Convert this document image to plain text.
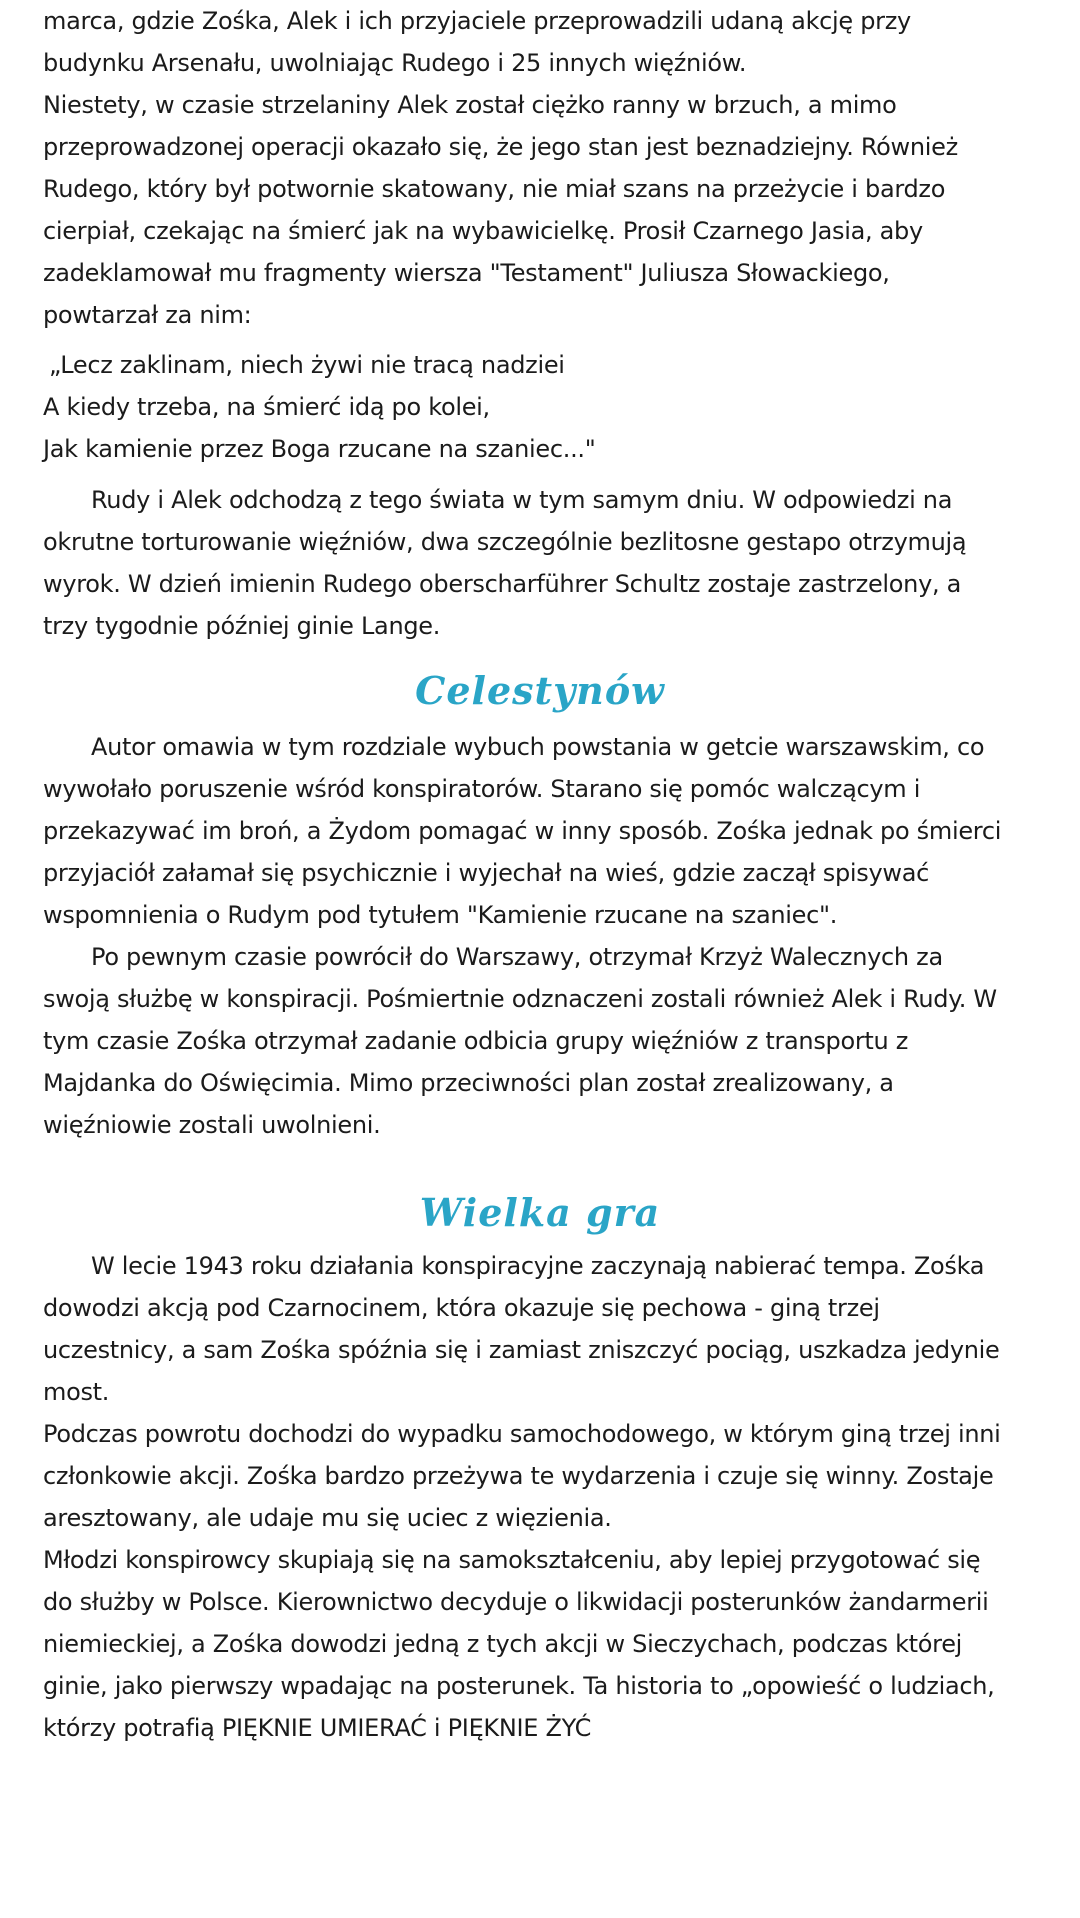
marca, gdzie Zośka, Alek i ich przyjaciele przeprowadzili udaną akcję przy
budynku Arsenału, uwolniając Rudego i 25 innych więźniów.
Niestety, w czasie strzelaniny Alek został ciężko ranny w brzuch, a mimo
przeprowadzonej operacji okazało się, że jego stan jest beznadziejny. Również
Rudego, który był potwornie skatowany, nie miał szans na przeżycie i bardzo
cierpiał, czekając na śmierć jak na wybawicielkę. Prosił Czarnego Jasia, aby
zadeklamował mu fragmenty wiersza "Testament" Juliusza Słowackiego,
powtarzał za nim:

„Lecz zaklinam, niech żywi nie tracą nadziei
A kiedy trzeba, na śmierć idą po kolei,
Jak kamienie przez Boga rzucane na szaniec..."

Rudy i Alek odchodzą z tego świata w tym samym dniu. W odpowiedzi na
okrutne torturowanie więźniów, dwa szczególnie bezlitosne gestapo otrzymują
wyrok. W dzień imienin Rudego oberscharführer Schultz zostaje zastrzelony, a
trzy tygodnie później ginie Lange.

Celestynów

Autor omawia w tym rozdziale wybuch powstania w getcie warszawskim, co
wywołało poruszenie wśród konspiratorów. Starano się pomóc walczącym i
przekazywać im broń, a Żydom pomagać w inny sposób. Zośka jednak po śmierci
przyjaciół załamał się psychicznie i wyjechał na wieś, gdzie zaczął spisywać
wspomnienia o Rudym pod tytułem "Kamienie rzucane na szaniec".

Po pewnym czasie powrócił do Warszawy, otrzymał Krzyż Walecznych za
swoją służbę w konspiracji. Pośmiertnie odznaczeni zostali również Alek i Rudy. W
tym czasie Zośka otrzymał zadanie odbicia grupy więźniów z transportu z
Majdanka do Oświęcimia. Mimo przeciwności plan został zrealizowany, a
więźniowie zostali uwolnieni.

Wielka gra

W lecie 1943 roku działania konspiracyjne zaczynają nabierać tempa. Zośka
dowodzi akcją pod Czarnocinem, która okazuje się pechowa - giną trzej
uczestnicy, a sam Zośka spóźnia się i zamiast zniszczyć pociąg, uszkadza jedynie
most.

Podczas powrotu dochodzi do wypadku samochodowego, w którym giną trzej inni
członkowie akcji. Zośka bardzo przeżywa te wydarzenia i czuje się winny. Zostaje
aresztowany, ale udaje mu się uciec z więzienia.

Młodzi konspirowcy skupiają się na samokształceniu, aby lepiej przygotować się
do służby w Polsce. Kierownictwo decyduje o likwidacji posterunków żandarmerii
niemieckiej, a Zośka dowodzi jedną z tych akcji w Sieczychach, podczas której
ginie, jako pierwszy wpadając na posterunek. Ta historia to „opowieść o ludziach,
którzy potrafią PIĘKNIE UMIERAĆ i PIĘKNIE ŻYĆ
